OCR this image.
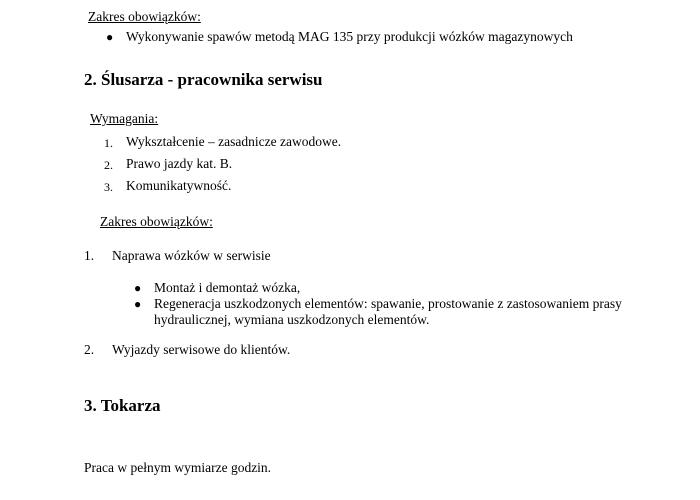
Zakres obowiązków:
● Wykonywanie spawów metodą MAG 135 przy produkcji wózków magazynowych
2. Ślusarza - pracownika serwisu
Wymagania:
1. Wykształcenie – zasadnicze zawodowe.
2. Prawo jazdy kat. B.
3. Komunikatywność.
Zakres obowiązków:
1. Naprawa wózków w serwisie
● Montaż i demontaż wózka,
● Regeneracja uszkodzonych elementów: spawanie, prostowanie z zastosowaniem prasy
hydraulicznej, wymiana uszkodzonych elementów.
2. Wyjazdy serwisowe do klientów.
3. Tokarza
Praca w pełnym wymiarze godzin.
